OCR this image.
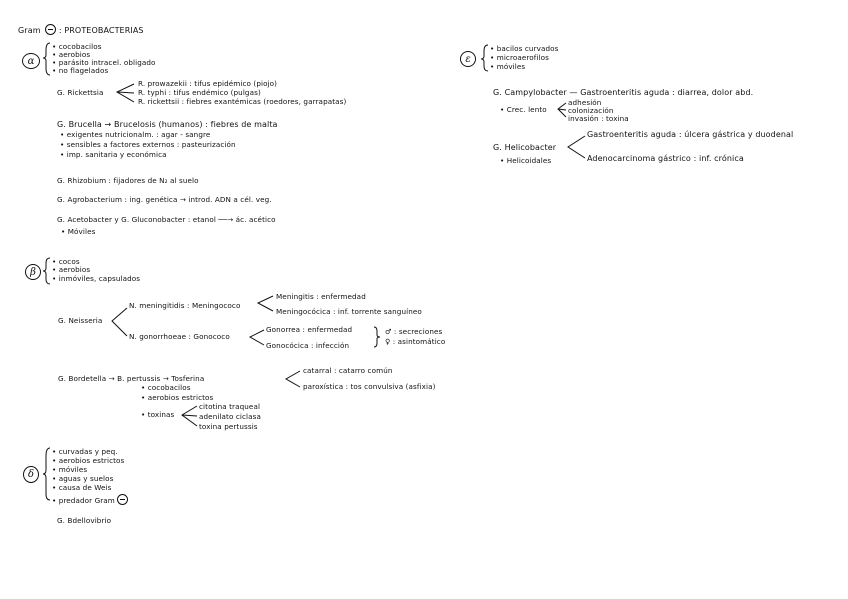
Gram : PROTEOBACTERIAS
α
• cocobacilos
• aerobios
• parásito intracel. obligado
• no flagelados
G. Rickettsia
R. prowazekii : tifus epidémico (piojo)
R. typhi : tifus endémico (pulgas)
R. rickettsii : fiebres exantémicas (roedores, garrapatas)
G. Brucella → Brucelosis (humanos) : fiebres de malta
• exigentes nutricionalm. : agar - sangre
• sensibles a factores externos : pasteurización
• imp. sanitaria y económica
G. Rhizobium : fijadores de N₂ al suelo
G. Agrobacterium : ing. genética → introd. ADN a cél. veg.
G. Acetobacter y G. Gluconobacter : etanol ──→ ác. acético
• Móviles
β
• cocos
• aerobios
• inmóviles, capsulados
G. Neisseria
N. meningitidis : Meningococo
Meningitis : enfermedad
Meningocócica : inf. torrente sanguíneo
N. gonorrhoeae : Gonococo
Gonorrea : enfermedad
Gonocócica : infección
♂ : secreciones
♀ : asintomático
G. Bordetella → B. pertussis → Tosferina
catarral : catarro común
paroxística : tos convulsiva (asfixia)
• cocobacilos
• aerobios estrictos
• toxinas
citotina traqueal
adenilato ciclasa
toxina pertussis
δ
• curvadas y peq.
• aerobios estrictos
• móviles
• aguas y suelos
• causa de Weis
• predador Gram
G. Bdellovibrio
ε
• bacilos curvados
• microaerofilos
• móviles
G. Campylobacter — Gastroenteritis aguda : diarrea, dolor abd.
• Crec. lento
adhesión
colonización
invasión : toxina
G. Helicobacter
• Helicoidales
Gastroenteritis aguda : úlcera gástrica y duodenal
Adenocarcinoma gástrico : inf. crónica
